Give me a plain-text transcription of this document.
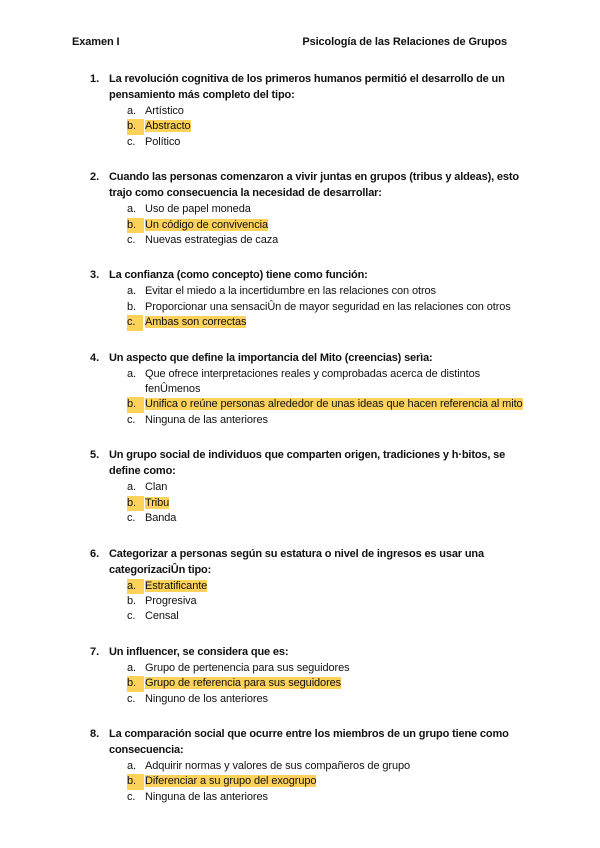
Examen I	Psicología de las Relaciones de Grupos
1. La revolución cognitiva de los primeros humanos permitió el desarrollo de un pensamiento más completo del tipo:
a. Artístico
b. Abstracto
c. Político
2. Cuando las personas comenzaron a vivir juntas en grupos (tribus y aldeas), esto trajo como consecuencia la necesidad de desarrollar:
a. Uso de papel moneda
b. Un código de convivencia
c. Nuevas estrategias de caza
3. La confianza (como concepto) tiene como función:
a. Evitar el miedo a la incertidumbre en las relaciones con otros
b. Proporcionar una sensaciÛn de mayor seguridad en las relaciones con otros
c. Ambas son correctas
4. Un aspecto que define la importancia del Mito (creencias) serìa:
a. Que ofrece interpretaciones reales y comprobadas acerca de distintos fenÛmenos
b. Unifica o reúne personas alrededor de unas ideas que hacen referencia al mito
c. Ninguna de las anteriores
5. Un grupo social de individuos que comparten origen, tradiciones y h·bitos, se define como:
a. Clan
b. Tribu
c. Banda
6. Categorizar a personas según su estatura o nivel de ingresos es usar una categorizaciÛn tipo:
a. Estratificante
b. Progresiva
c. Censal
7. Un influencer, se considera que es:
a. Grupo de pertenencia para sus seguidores
b. Grupo de referencia para sus seguidores
c. Ninguno de los anteriores
8. La comparación social que ocurre entre los miembros de un grupo tiene como consecuencia:
a. Adquirir normas y valores de sus compañeros de grupo
b. Diferenciar a su grupo del exogrupo
c. Ninguna de las anteriores
